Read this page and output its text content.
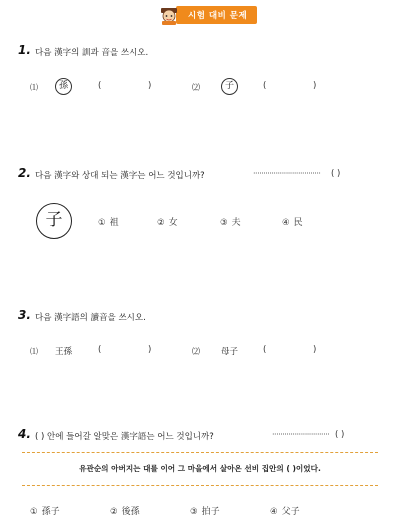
시험 대비 문제
1. 다음 漢字의 訓과 音을 쓰시오.
⑴	孫	(	)	⑵	子	(	)
2. 다음 漢字와 상대 되는 漢字는 어느 것입니까?	································· ( )
子	① 祖	② 女	③ 夫	④ 民
3. 다음 漢字語의 讀音을 쓰시오.
⑴ 王孫	(	)	⑵ 母子	(	)
4. ( ) 안에 들어갈 알맞은 漢字語는 어느 것입니까?	···························· ( )
유관순의 아버지는 대를 이어 그 마을에서 살아온 선비 집안의 ( )이었다.
① 孫子	② 後孫	③ 拍子	④ 父子
